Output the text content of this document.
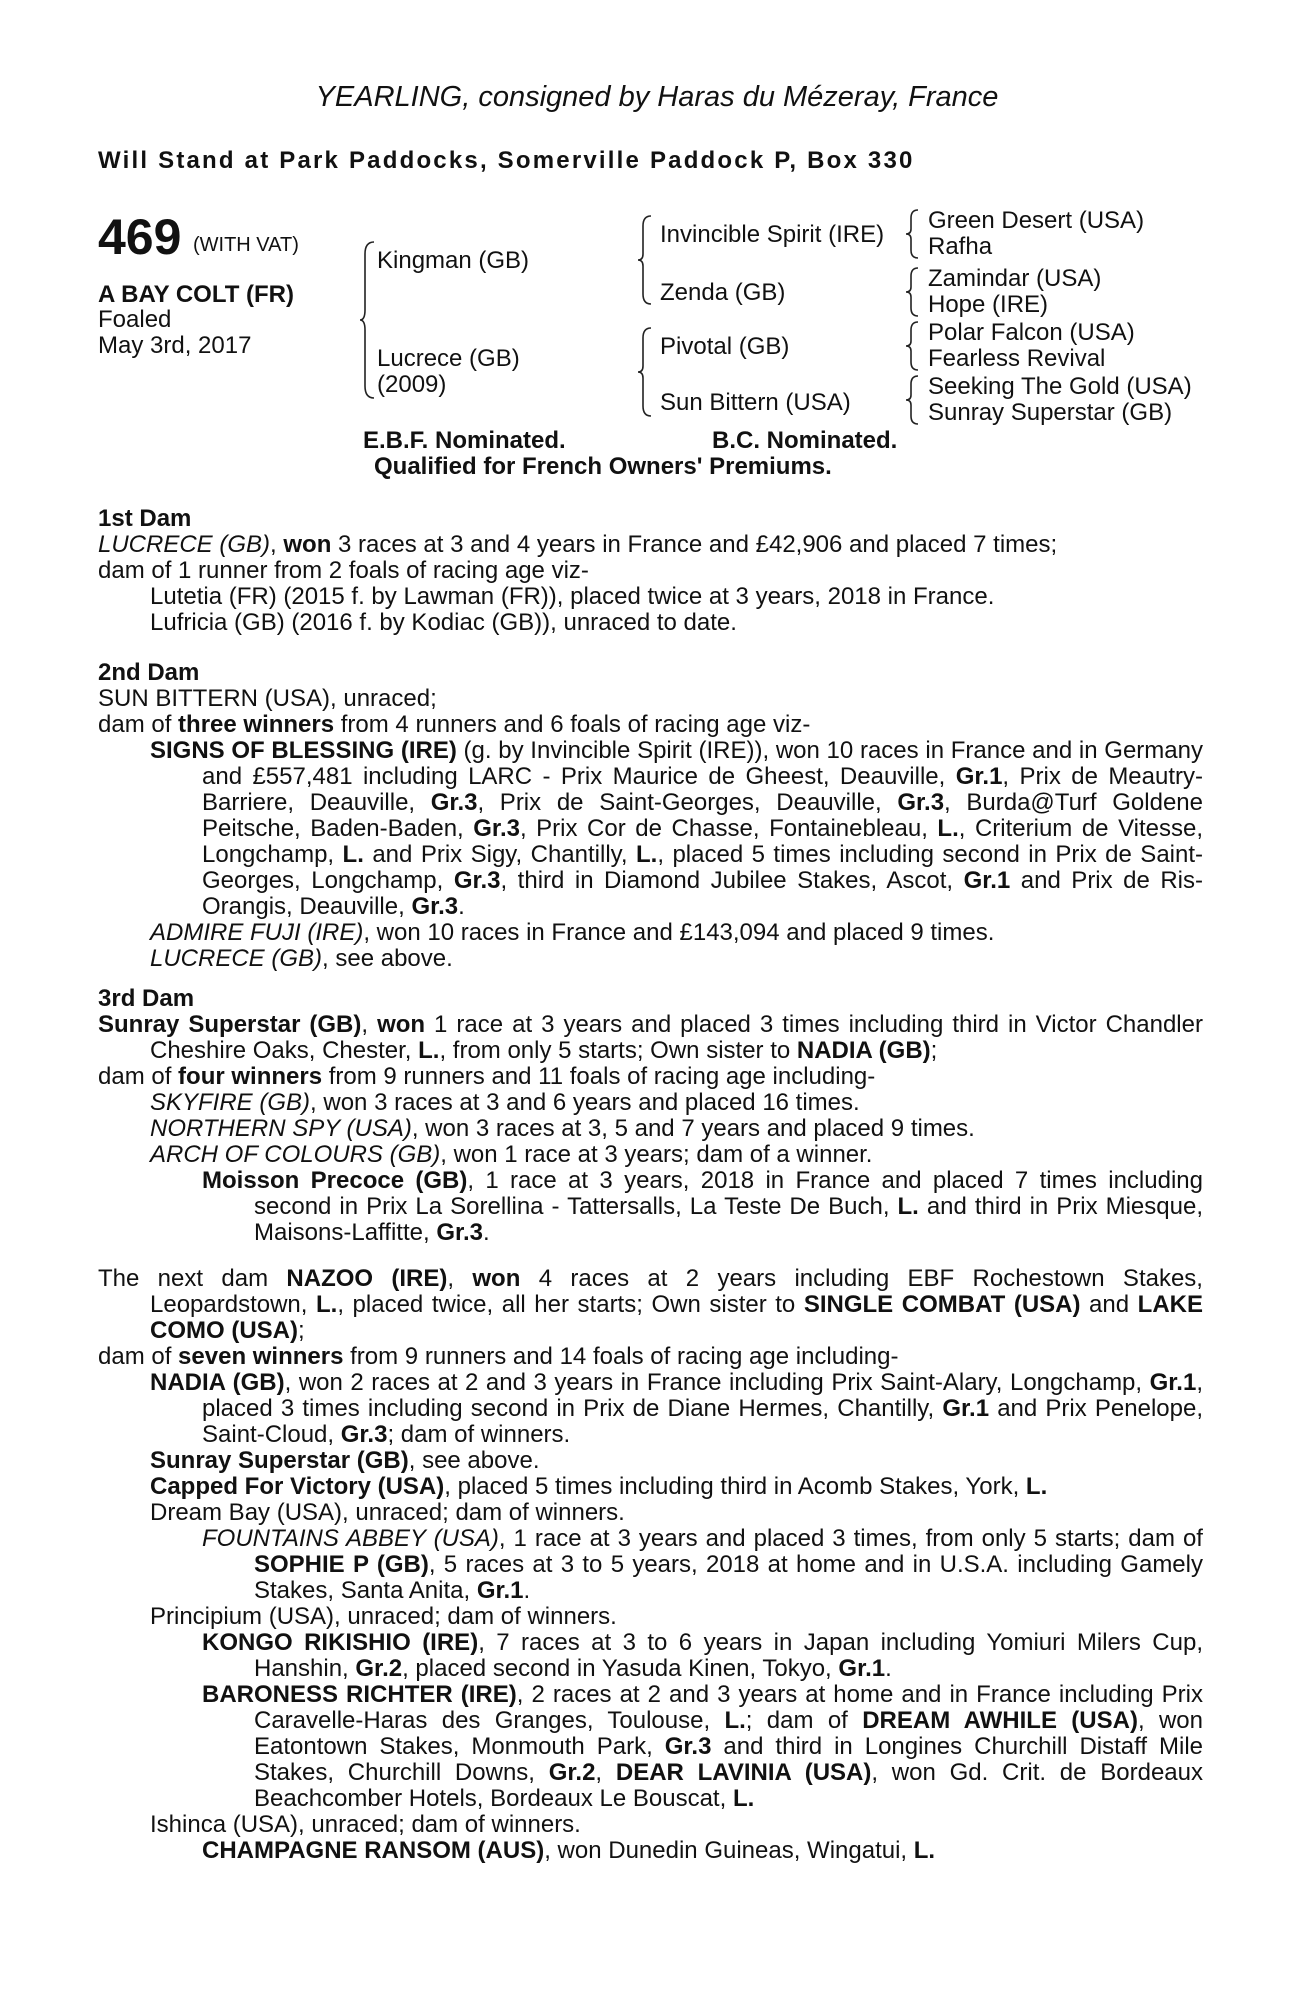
YEARLING, consigned by Haras du Mézeray, France
Will Stand at Park Paddocks, Somerville Paddock P, Box 330
469 (WITH VAT)
A BAY COLT (FR)
Foaled
May 3rd, 2017
Kingman (GB)
Lucrece (GB)
(2009)
Invincible Spirit (IRE)
Zenda (GB)
Pivotal (GB)
Sun Bittern (USA)
Green Desert (USA)
Rafha
Zamindar (USA)
Hope (IRE)
Polar Falcon (USA)
Fearless Revival
Seeking The Gold (USA)
Sunray Superstar (GB)
E.B.F. Nominated.	B.C. Nominated.
Qualified for French Owners' Premiums.

1st Dam

LUCRECE (GB), won 3 races at 3 and 4 years in France and £42,906 and placed 7 times;

dam of 1 runner from 2 foals of racing age viz-

Lutetia (FR) (2015 f. by Lawman (FR)), placed twice at 3 years, 2018 in France.

Lufricia (GB) (2016 f. by Kodiac (GB)), unraced to date.

2nd Dam

SUN BITTERN (USA), unraced;

dam of three winners from 4 runners and 6 foals of racing age viz-

SIGNS OF BLESSING (IRE) (g. by Invincible Spirit (IRE)), won 10 races in France and in Germany and £557,481 including LARC - Prix Maurice de Gheest, Deauville, Gr.1, Prix de Meautry- Barriere, Deauville, Gr.3, Prix de Saint-Georges, Deauville, Gr.3, Burda@Turf Goldene Peitsche, Baden-Baden, Gr.3, Prix Cor de Chasse, Fontainebleau, L., Criterium de Vitesse, Longchamp, L. and Prix Sigy, Chantilly, L., placed 5 times including second in Prix de Saint-Georges, Longchamp, Gr.3, third in Diamond Jubilee Stakes, Ascot, Gr.1 and Prix de Ris-Orangis, Deauville, Gr.3.

ADMIRE FUJI (IRE), won 10 races in France and £143,094 and placed 9 times.

LUCRECE (GB), see above.

3rd Dam

Sunray Superstar (GB), won 1 race at 3 years and placed 3 times including third in Victor Chandler Cheshire Oaks, Chester, L., from only 5 starts; Own sister to NADIA (GB);

dam of four winners from 9 runners and 11 foals of racing age including-

SKYFIRE (GB), won 3 races at 3 and 6 years and placed 16 times.

NORTHERN SPY (USA), won 3 races at 3, 5 and 7 years and placed 9 times.

ARCH OF COLOURS (GB), won 1 race at 3 years; dam of a winner.

Moisson Precoce (GB), 1 race at 3 years, 2018 in France and placed 7 times including second in Prix La Sorellina - Tattersalls, La Teste De Buch, L. and third in Prix Miesque, Maisons-Laffitte, Gr.3.

The next dam NAZOO (IRE), won 4 races at 2 years including EBF Rochestown Stakes, Leopardstown, L., placed twice, all her starts; Own sister to SINGLE COMBAT (USA) and LAKE COMO (USA);

dam of seven winners from 9 runners and 14 foals of racing age including-

NADIA (GB), won 2 races at 2 and 3 years in France including Prix Saint-Alary, Longchamp, Gr.1, placed 3 times including second in Prix de Diane Hermes, Chantilly, Gr.1 and Prix Penelope, Saint-Cloud, Gr.3; dam of winners.

Sunray Superstar (GB), see above.

Capped For Victory (USA), placed 5 times including third in Acomb Stakes, York, L.

Dream Bay (USA), unraced; dam of winners.

FOUNTAINS ABBEY (USA), 1 race at 3 years and placed 3 times, from only 5 starts; dam of SOPHIE P (GB), 5 races at 3 to 5 years, 2018 at home and in U.S.A. including Gamely Stakes, Santa Anita, Gr.1.

Principium (USA), unraced; dam of winners.

KONGO RIKISHIO (IRE), 7 races at 3 to 6 years in Japan including Yomiuri Milers Cup, Hanshin, Gr.2, placed second in Yasuda Kinen, Tokyo, Gr.1.

BARONESS RICHTER (IRE), 2 races at 2 and 3 years at home and in France including Prix Caravelle-Haras des Granges, Toulouse, L.; dam of DREAM AWHILE (USA), won Eatontown Stakes, Monmouth Park, Gr.3 and third in Longines Churchill Distaff Mile Stakes, Churchill Downs, Gr.2, DEAR LAVINIA (USA), won Gd. Crit. de Bordeaux Beachcomber Hotels, Bordeaux Le Bouscat, L.

Ishinca (USA), unraced; dam of winners.

CHAMPAGNE RANSOM (AUS), won Dunedin Guineas, Wingatui, L.
